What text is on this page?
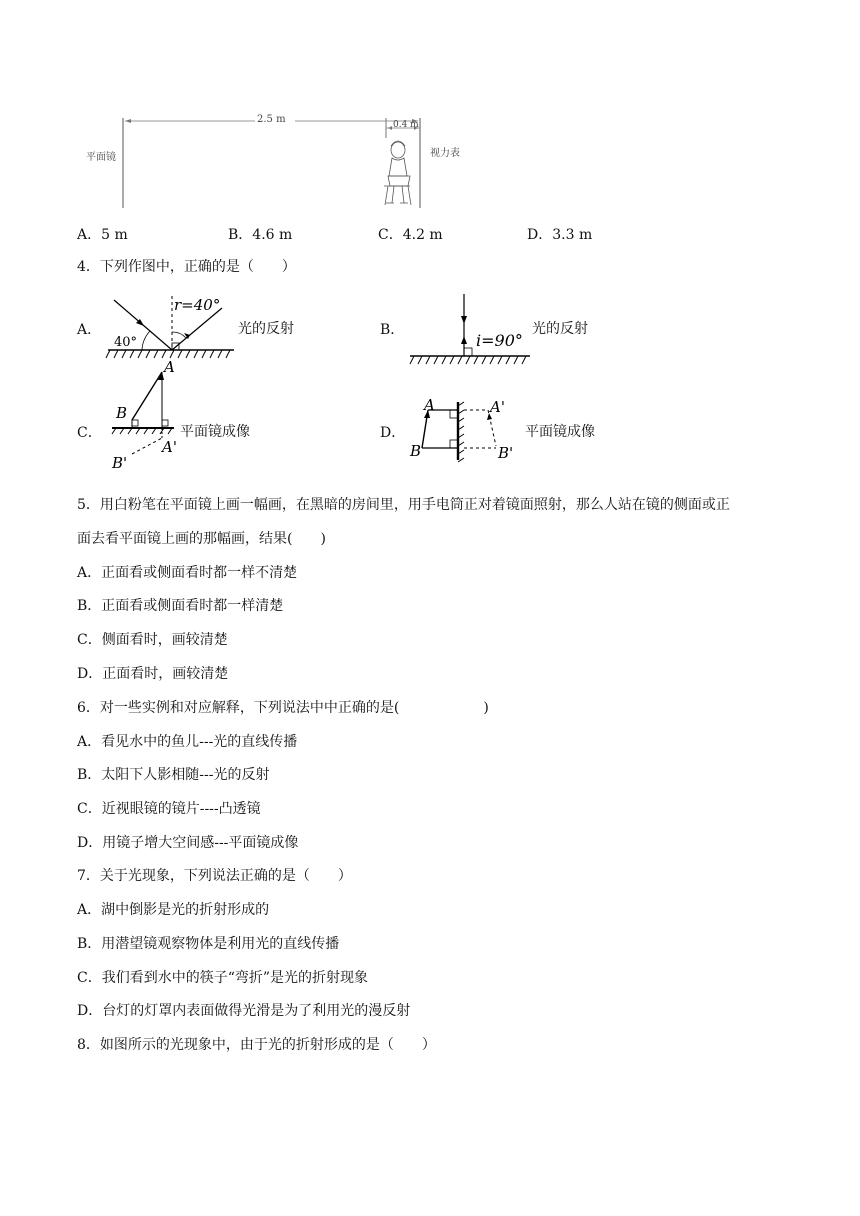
平面镜	视力表
2.5 m	0.4 m
A．5 m	B．4.6 m	C．4.2 m	D．3.3 m
4．下列作图中，正确的是（　　）
A．
40°
r=40°
光的反射	B．
i=90°
光的反射
C．
A
B
A'
B'
平面镜成像	D．
A
B
A'
B'
平面镜成像
5．用白粉笔在平面镜上画一幅画，在黑暗的房间里，用手电筒正对着镜面照射，那么人站在镜的侧面或正
面去看平面镜上画的那幅画，结果(　　)
A．正面看或侧面看时都一样不清楚
B．正面看或侧面看时都一样清楚
C．侧面看时，画较清楚
D．正面看时，画较清楚
6．对一些实例和对应解释，下列说法中中正确的是(　　　　　　)
A．看见水中的鱼儿---光的直线传播
B．太阳下人影相随---光的反射
C．近视眼镜的镜片----凸透镜
D．用镜子增大空间感---平面镜成像
7．关于光现象，下列说法正确的是（　　）
A．湖中倒影是光的折射形成的
B．用潜望镜观察物体是利用光的直线传播
C．我们看到水中的筷子“弯折”是光的折射现象
D．台灯的灯罩内表面做得光滑是为了利用光的漫反射
8．如图所示的光现象中，由于光的折射形成的是（　　）
